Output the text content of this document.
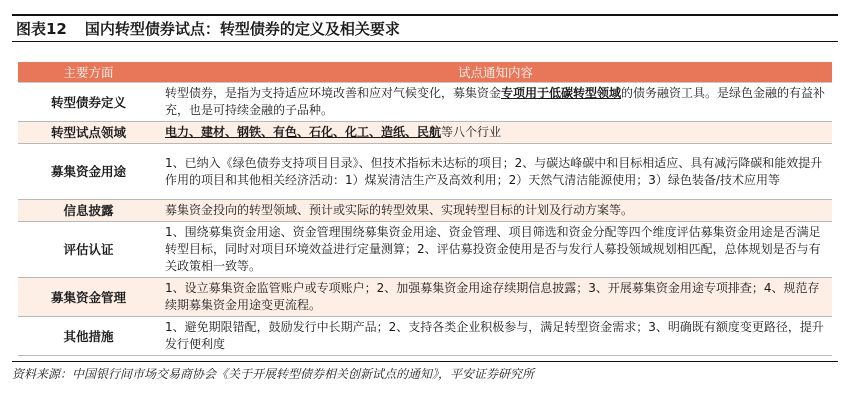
图表12 国内转型债券试点：转型债券的定义及相关要求
主要方面	试点通知内容
转型债券定义	转型债券，是指为支持适应环境改善和应对气候变化，募集资金专项用于低碳转型领域的债务融资工具。是绿色金融的有益补充，也是可持续金融的子品种。
转型试点领域	电力、建材、钢铁、有色、石化、化工、造纸、民航等八个行业
募集资金用途	1、已纳入《绿色债券支持项目目录》、但技术指标未达标的项目；2、与碳达峰碳中和目标相适应、具有减污降碳和能效提升作用的项目和其他相关经济活动：1）煤炭清洁生产及高效利用；2）天然气清洁能源使用；3）绿色装备/技术应用等
信息披露	募集资金投向的转型领域、预计或实际的转型效果、实现转型目标的计划及行动方案等。
评估认证	1、围绕募集资金用途、资金管理围绕募集资金用途、资金管理、项目筛选和资金分配等四个维度评估募集资金用途是否满足转型目标，同时对项目环境效益进行定量测算；2、评估募投资金使用是否与发行人募投领域规划相匹配，总体规划是否与有关政策相一致等。
募集资金管理	1、设立募集资金监管账户或专项账户；2、加强募集资金用途存续期信息披露；3、开展募集资金用途专项排查；4、规范存续期募集资金用途变更流程。
其他措施	1、避免期限错配，鼓励发行中长期产品；2、支持各类企业积极参与，满足转型资金需求；3、明确既有额度变更路径，提升发行便利度
资料来源：中国银行间市场交易商协会《关于开展转型债券相关创新试点的通知》，平安证券研究所
